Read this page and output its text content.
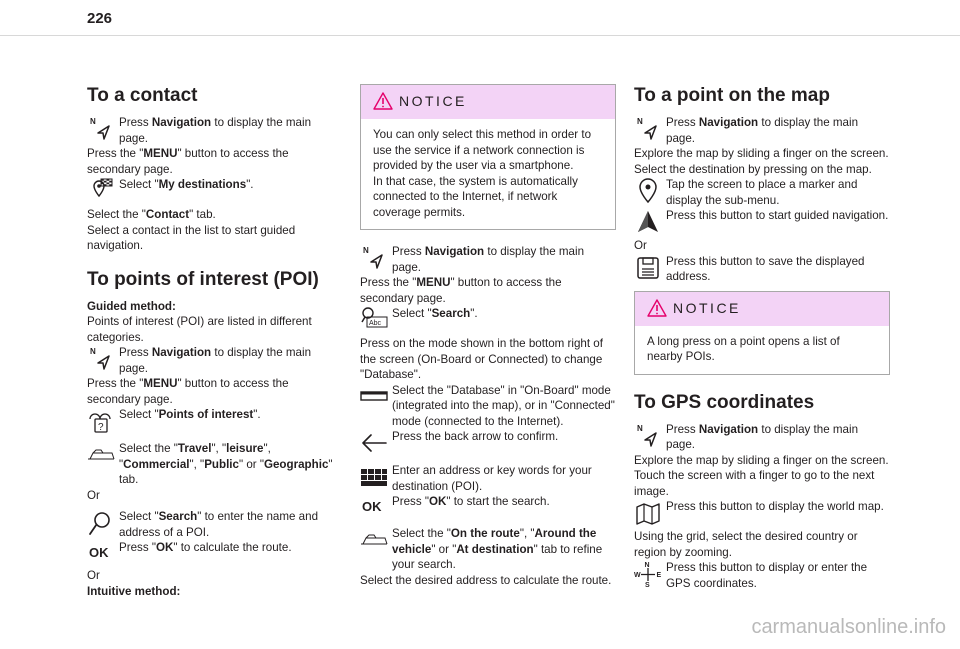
226
To a contact
N Press Navigation to display the main page.

Press the "MENU" button to access the secondary page.

Select "My destinations".

Select the "Contact" tab.

Select a contact in the list to start guided navigation.

To points of interest (POI)

Guided method:

Points of interest (POI) are listed in different categories.

N Press Navigation to display the main page.

Press the "MENU" button to access the secondary page.

?

Select "Points of interest".

Select the "Travel", "leisure", "Commercial", "Public" or "Geographic" tab.

Or

Select "Search" to enter the name and address of a POI.

OK Press "OK" to calculate the route.

Or

Intuitive method:

NOTICE

You can only select this method in order to use the service if a network connection is provided by the user via a smartphone.

In that case, the system is automatically connected to the Internet, if network coverage permits.

N Press Navigation to display the main page.

Press the "MENU" button to access the secondary page.

Abc

Select "Search".

Press on the mode shown in the bottom right of the screen (On-Board or Connected) to change "Database".

Select the "Database" in "On-Board" mode (integrated into the map), or in "Connected" mode (connected to the Internet).

Press the back arrow to confirm.

Enter an address or key words for your destination (POI).

OK Press "OK" to start the search.

Select the "On the route", "Around the vehicle" or "At destination" tab to refine your search.

Select the desired address to calculate the route.

To a point on the map
N Press Navigation to display the main page.

Explore the map by sliding a finger on the screen.

Select the destination by pressing on the map.

Tap the screen to place a marker and display the sub-menu.

Press this button to start guided navigation.

Or

Press this button to save the displayed address.

NOTICE

A long press on a point opens a list of nearby POIs.

To GPS coordinates
N Press Navigation to display the main page.

Explore the map by sliding a finger on the screen.

Touch the screen with a finger to go to the next image.

Press this button to display the world map.

Using the grid, select the desired country or region by zooming.

N
W E
S

Press this button to display or enter the GPS coordinates.

carmanualsonline.info
